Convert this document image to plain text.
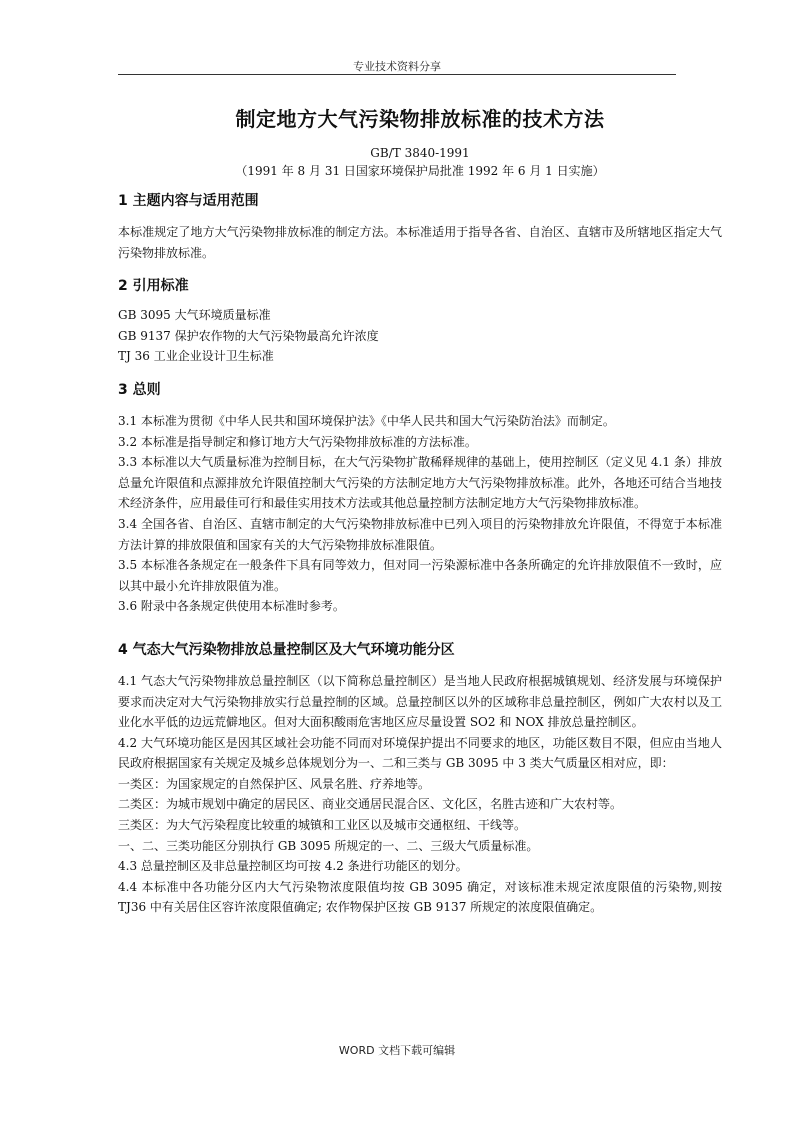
专业技术资料分享
制定地方大气污染物排放标准的技术方法
GB/T 3840-1991
（1991 年 8 月 31 日国家环境保护局批准 1992 年 6 月 1 日实施）
1 主题内容与适用范围

本标准规定了地方大气污染物排放标准的制定方法。本标准适用于指导各省、自治区、直辖市及所辖地区指定大气污染物排放标准。

2 引用标准
GB 3095 大气环境质量标准
GB 9137 保护农作物的大气污染物最高允许浓度
TJ 36 工业企业设计卫生标准
3 总则

3.1 本标准为贯彻《中华人民共和国环境保护法》《中华人民共和国大气污染防治法》而制定。

3.2 本标准是指导制定和修订地方大气污染物排放标准的方法标准。

3.3 本标准以大气质量标准为控制目标，在大气污染物扩散稀释规律的基础上，使用控制区（定义见 4.1 条）排放总量允许限值和点源排放允许限值控制大气污染的方法制定地方大气污染物排放标准。此外，各地还可结合当地技术经济条件，应用最佳可行和最佳实用技术方法或其他总量控制方法制定地方大气污染物排放标准。

3.4 全国各省、自治区、直辖市制定的大气污染物排放标准中已列入项目的污染物排放允许限值，不得宽于本标准方法计算的排放限值和国家有关的大气污染物排放标准限值。

3.5 本标准各条规定在一般条件下具有同等效力，但对同一污染源标准中各条所确定的允许排放限值不一致时，应以其中最小允许排放限值为准。

3.6 附录中各条规定供使用本标准时参考。

4 气态大气污染物排放总量控制区及大气环境功能分区

4.1 气态大气污染物排放总量控制区（以下简称总量控制区）是当地人民政府根据城镇规划、经济发展与环境保护要求而决定对大气污染物排放实行总量控制的区域。总量控制区以外的区域称非总量控制区，例如广大农村以及工业化水平低的边远荒僻地区。但对大面积酸雨危害地区应尽量设置 SO2 和 NOX 排放总量控制区。

4.2 大气环境功能区是因其区域社会功能不同而对环境保护提出不同要求的地区，功能区数目不限，但应由当地人民政府根据国家有关规定及城乡总体规划分为一、二和三类与 GB 3095 中 3 类大气质量区相对应，即：

一类区：为国家规定的自然保护区、风景名胜、疗养地等。

二类区：为城市规划中确定的居民区、商业交通居民混合区、文化区，名胜古迹和广大农村等。

三类区：为大气污染程度比较重的城镇和工业区以及城市交通枢纽、干线等。

一、二、三类功能区分别执行 GB 3095 所规定的一、二、三级大气质量标准。

4.3 总量控制区及非总量控制区均可按 4.2 条进行功能区的划分。

4.4 本标准中各功能分区内大气污染物浓度限值均按 GB 3095 确定，对该标准未规定浓度限值的污染物,则按 TJ36 中有关居住区容许浓度限值确定; 农作物保护区按 GB 9137 所规定的浓度限值确定。

WORD 文档下载可编辑
